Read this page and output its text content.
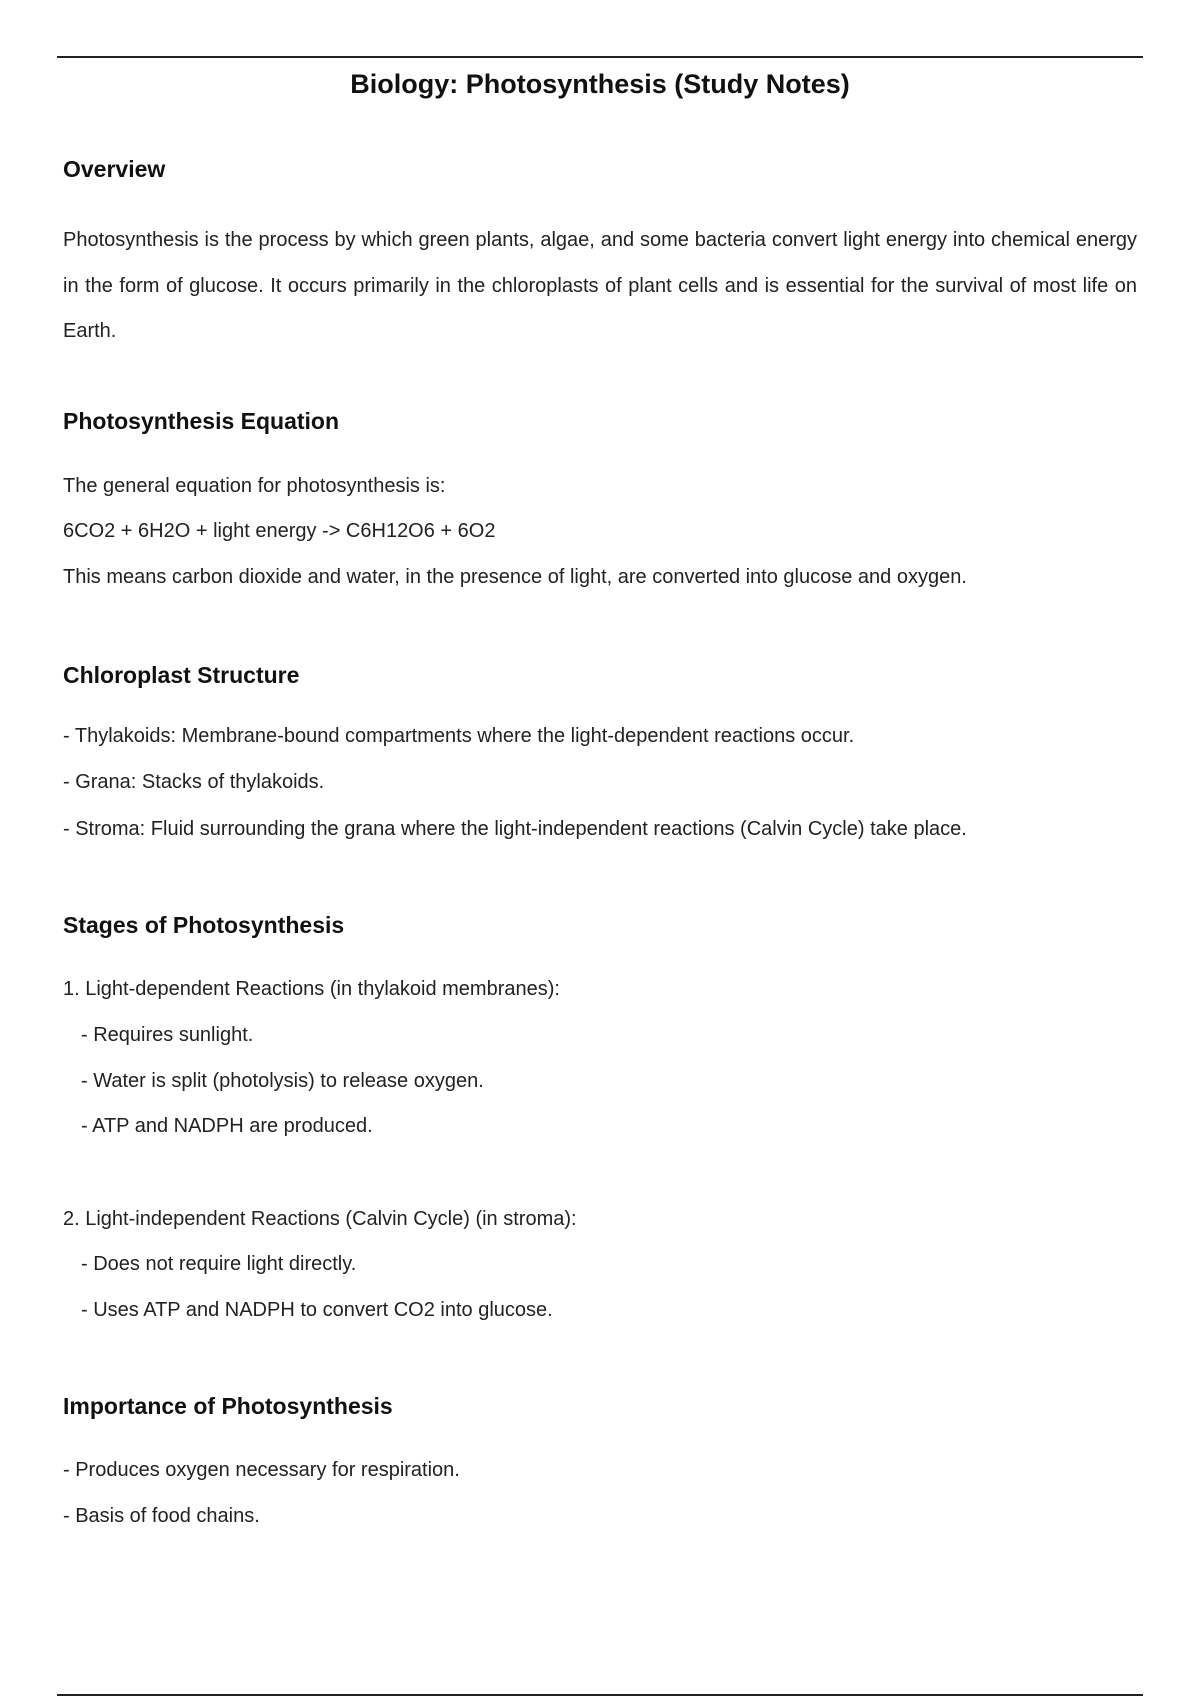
Biology: Photosynthesis (Study Notes)
Overview
Photosynthesis is the process by which green plants, algae, and some bacteria convert light energy into chemical energy in the form of glucose. It occurs primarily in the chloroplasts of plant cells and is essential for the survival of most life on Earth.
Photosynthesis Equation
The general equation for photosynthesis is:
6CO2 + 6H2O + light energy -> C6H12O6 + 6O2
This means carbon dioxide and water, in the presence of light, are converted into glucose and oxygen.
Chloroplast Structure
- Thylakoids: Membrane-bound compartments where the light-dependent reactions occur.
- Grana: Stacks of thylakoids.
- Stroma: Fluid surrounding the grana where the light-independent reactions (Calvin Cycle) take place.
Stages of Photosynthesis
1. Light-dependent Reactions (in thylakoid membranes):
- Requires sunlight.
- Water is split (photolysis) to release oxygen.
- ATP and NADPH are produced.
2. Light-independent Reactions (Calvin Cycle) (in stroma):
- Does not require light directly.
- Uses ATP and NADPH to convert CO2 into glucose.
Importance of Photosynthesis
- Produces oxygen necessary for respiration.
- Basis of food chains.
